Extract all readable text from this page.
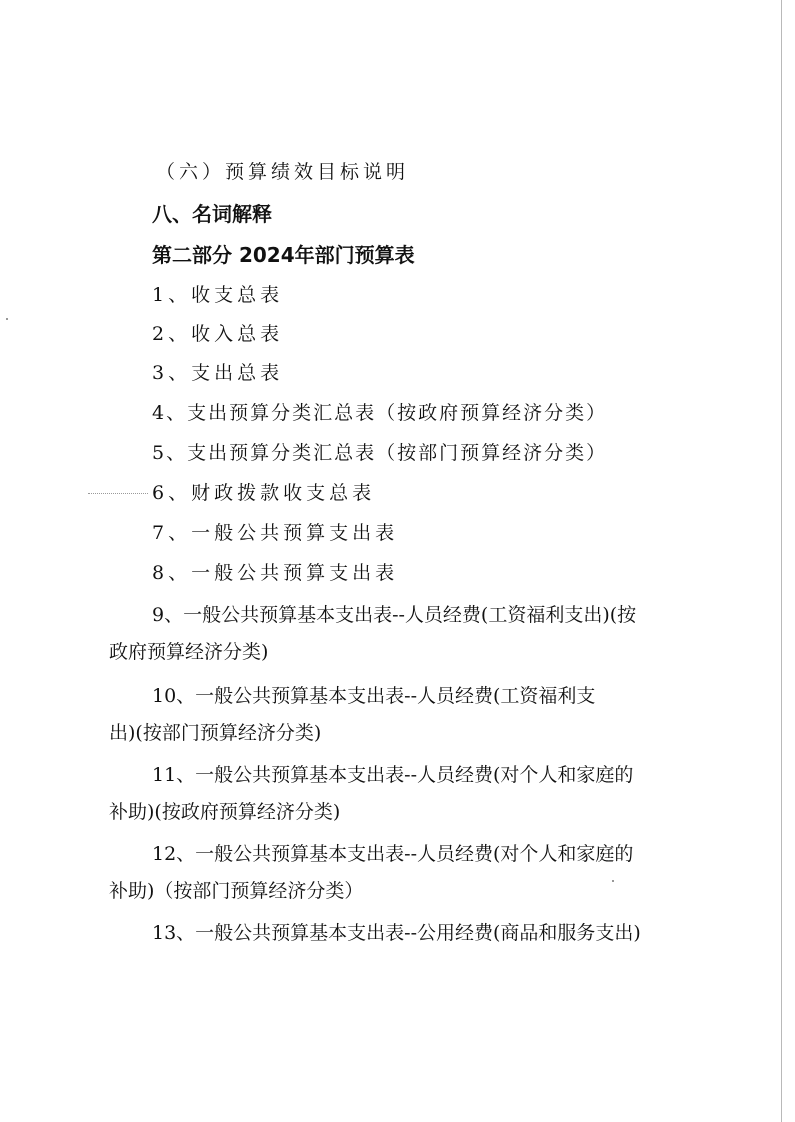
（六）预算绩效目标说明
八、名词解释
第二部分 2024年部门预算表
1、收支总表
2、收入总表
3、支出总表
4、支出预算分类汇总表（按政府预算经济分类）
5、支出预算分类汇总表（按部门预算经济分类）
6、财政拨款收支总表
7、一般公共预算支出表
8、一般公共预算支出表
9、一般公共预算基本支出表--人员经费(工资福利支出)(按
政府预算经济分类)
10、一般公共预算基本支出表--人员经费(工资福利支
出)(按部门预算经济分类)
11、一般公共预算基本支出表--人员经费(对个人和家庭的
补助)(按政府预算经济分类)
12、一般公共预算基本支出表--人员经费(对个人和家庭的
补助)（按部门预算经济分类）
13、一般公共预算基本支出表--公用经费(商品和服务支出)
